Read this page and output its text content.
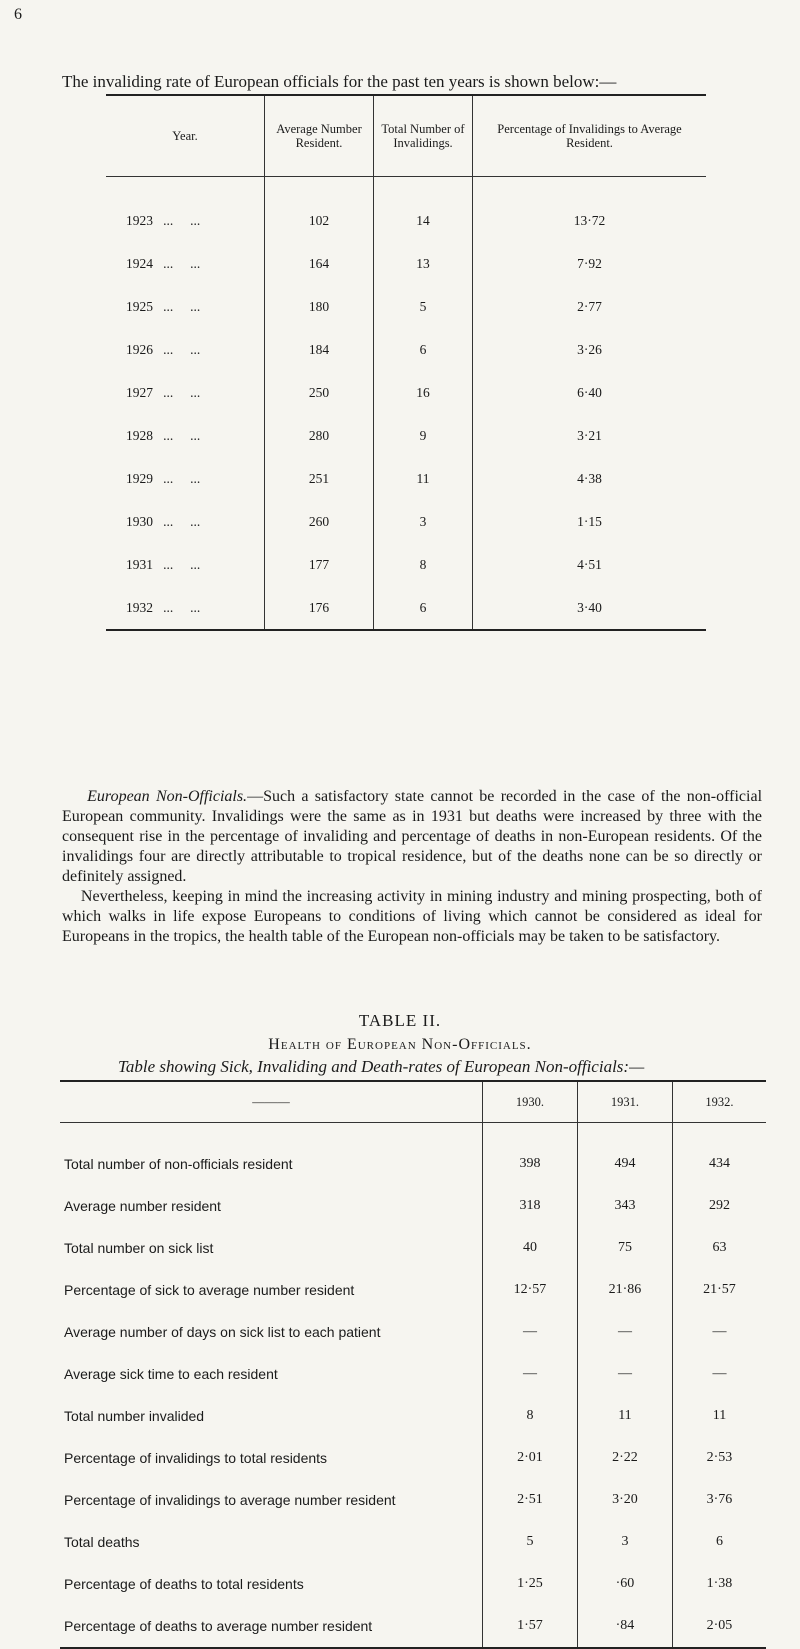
6
The invaliding rate of European officials for the past ten years is shown below:—
Year.	Average Number Resident.	Total Number of Invalidings.	Percentage of Invalidings to Average Resident.
1923   ...     ...	102	14	13·72
1924   ...     ...	164	13	7·92
1925   ...     ...	180	5	2·77
1926   ...     ...	184	6	3·26
1927   ...     ...	250	16	6·40
1928   ...     ...	280	9	3·21
1929   ...     ...	251	11	4·38
1930   ...     ...	260	3	1·15
1931   ...     ...	177	8	4·51
1932   ...     ...	176	6	3·40
European Non-Officials.—Such a satisfactory state cannot be recorded in the case of the non-official European community. Invalidings were the same as in 1931 but deaths were increased by three with the consequent rise in the percentage of invaliding and percentage of deaths in non-European residents. Of the invalidings four are directly attributable to tropical residence, but of the deaths none can be so directly or definitely assigned.
Nevertheless, keeping in mind the increasing activity in mining industry and mining prospecting, both of which walks in life expose Europeans to conditions of living which cannot be considered as ideal for Europeans in the tropics, the health table of the European non-officials may be taken to be satisfactory.
TABLE II.
Health of European Non-Officials.
Table showing Sick, Invaliding and Death-rates of European Non-officials:—
———	1930.	1931.	1932.
Total number of non-officials resident	398	494	434
Average number resident	318	343	292
Total number on sick list	40	75	63
Percentage of sick to average number resident	12·57	21·86	21·57
Average number of days on sick list to each patient	—	—	—
Average sick time to each resident	—	—	—
Total number invalided	8	11	11
Percentage of invalidings to total residents	2·01	2·22	2·53
Percentage of invalidings to average number resident	2·51	3·20	3·76
Total deaths	5	3	6
Percentage of deaths to total residents	1·25	·60	1·38
Percentage of deaths to average number resident	1·57	·84	2·05
